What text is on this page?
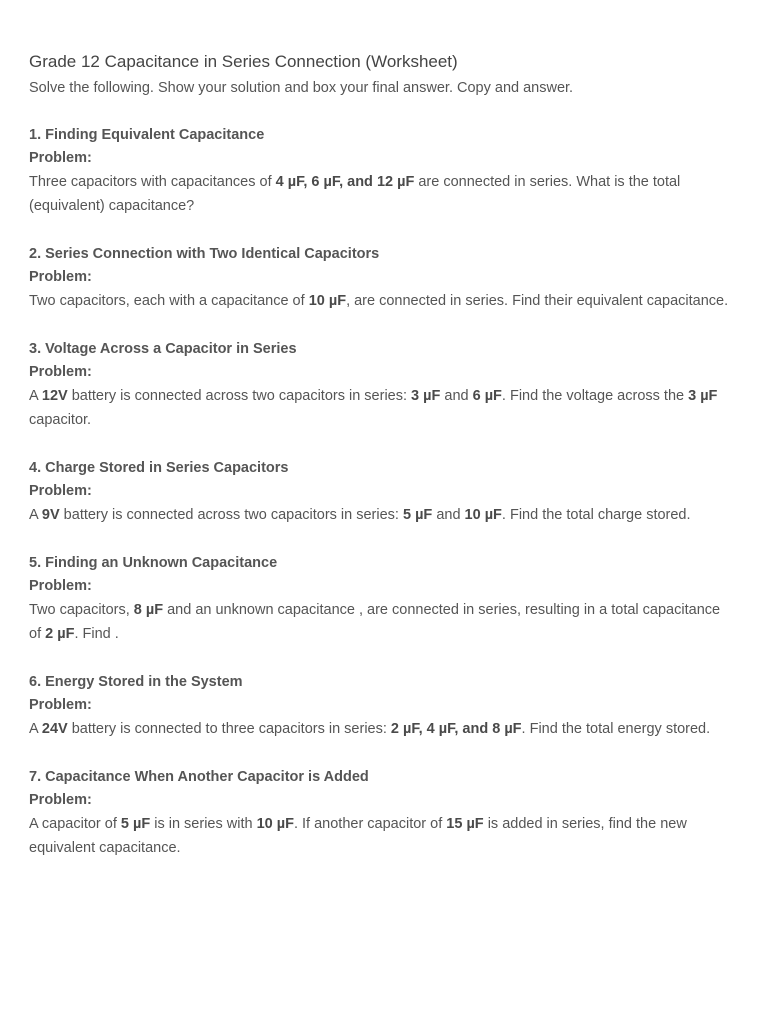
Grade 12 Capacitance in Series Connection (Worksheet)

Solve the following. Show your solution and box your final answer. Copy and answer.

1. Finding Equivalent Capacitance

Problem:

Three capacitors with capacitances of 4 µF, 6 µF, and 12 µF are connected in series. What is the total (equivalent) capacitance?

2. Series Connection with Two Identical Capacitors

Problem:

Two capacitors, each with a capacitance of 10 µF, are connected in series. Find their equivalent capacitance.

3. Voltage Across a Capacitor in Series

Problem:

A 12V battery is connected across two capacitors in series: 3 µF and 6 µF. Find the voltage across the 3 µF capacitor.

4. Charge Stored in Series Capacitors

Problem:

A 9V battery is connected across two capacitors in series: 5 µF and 10 µF. Find the total charge stored.

5. Finding an Unknown Capacitance

Problem:

Two capacitors, 8 µF and an unknown capacitance , are connected in series, resulting in a total capacitance of 2 µF. Find .

6. Energy Stored in the System

Problem:

A 24V battery is connected to three capacitors in series: 2 µF, 4 µF, and 8 µF. Find the total energy stored.

7. Capacitance When Another Capacitor is Added

Problem:

A capacitor of 5 µF is in series with 10 µF. If another capacitor of 15 µF is added in series, find the new equivalent capacitance.
